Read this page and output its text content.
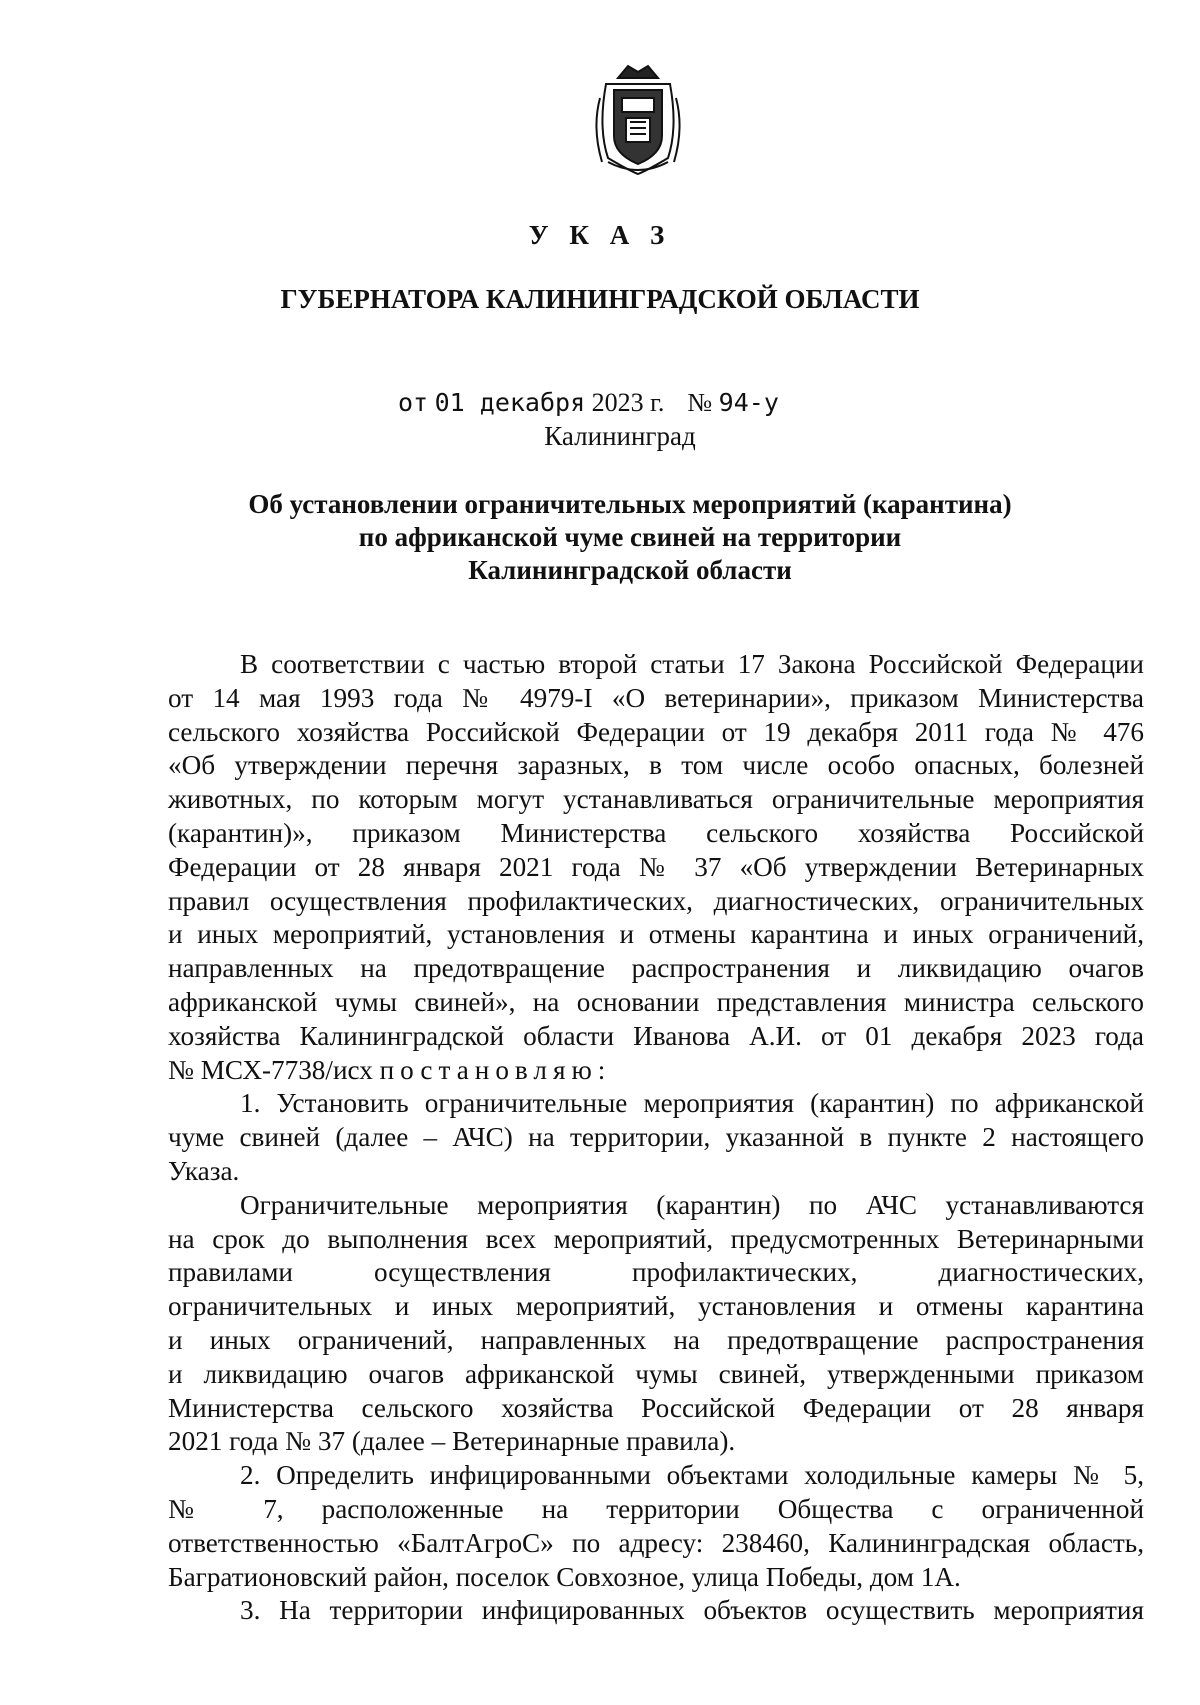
У К А З
ГУБЕРНАТОРА КАЛИНИНГРАДСКОЙ ОБЛАСТИ
от 01 декабря 2023 г. № 94-у
Калининград
Об установлении ограничительных мероприятий (карантина)
по африканской чуме свиней на территории
Калининградской области
В соответствии с частью второй статьи 17 Закона Российской Федерации
от 14 мая 1993 года № 4979-I «О ветеринарии», приказом Министерства
сельского хозяйства Российской Федерации от 19 декабря 2011 года № 476
«Об утверждении перечня заразных, в том числе особо опасных, болезней
животных, по которым могут устанавливаться ограничительные мероприятия
(карантин)», приказом Министерства сельского хозяйства Российской
Федерации от 28 января 2021 года № 37 «Об утверждении Ветеринарных
правил осуществления профилактических, диагностических, ограничительных
и иных мероприятий, установления и отмены карантина и иных ограничений,
направленных на предотвращение распространения и ликвидацию очагов
африканской чумы свиней», на основании представления министра сельского
хозяйства Калининградской области Иванова А.И. от 01 декабря 2023 года
№ МСХ-7738/исх постановляю:
1. Установить ограничительные мероприятия (карантин) по африканской
чуме свиней (далее – АЧС) на территории, указанной в пункте 2 настоящего
Указа.
Ограничительные мероприятия (карантин) по АЧС устанавливаются
на срок до выполнения всех мероприятий, предусмотренных Ветеринарными
правилами осуществления профилактических, диагностических,
ограничительных и иных мероприятий, установления и отмены карантина
и иных ограничений, направленных на предотвращение распространения
и ликвидацию очагов африканской чумы свиней, утвержденными приказом
Министерства сельского хозяйства Российской Федерации от 28 января
2021 года № 37 (далее – Ветеринарные правила).
2. Определить инфицированными объектами холодильные камеры № 5,
№ 7, расположенные на территории Общества с ограниченной
ответственностью «БалтАгроС» по адресу: 238460, Калининградская область,
Багратионовский район, поселок Совхозное, улица Победы, дом 1А.
3. На территории инфицированных объектов осуществить мероприятия
